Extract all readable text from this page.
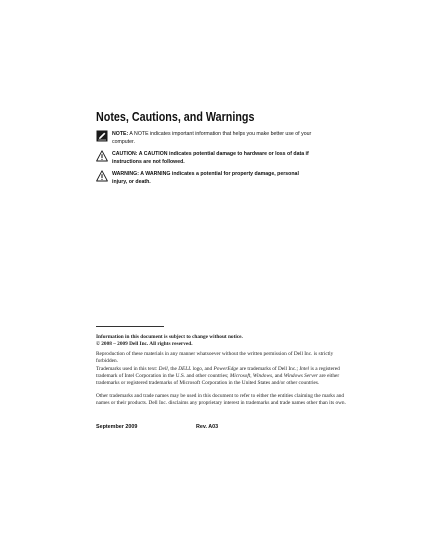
Notes, Cautions, and Warnings
NOTE: A NOTE indicates important information that helps you make better use of your computer.
CAUTION: A CAUTION indicates potential damage to hardware or loss of data if instructions are not followed.
WARNING: A WARNING indicates a potential for property damage, personal injury, or death.
Information in this document is subject to change without notice.
© 2008 – 2009 Dell Inc. All rights reserved.
Reproduction of these materials in any manner whatsoever without the written permission of Dell Inc. is strictly forbidden.
Trademarks used in this text: Dell, the DELL logo, and PowerEdge are trademarks of Dell Inc.; Intel is a registered trademark of Intel Corporation in the U.S. and other countries; Microsoft, Windows, and Windows Server are either trademarks or registered trademarks of Microsoft Corporation in the United States and/or other countries.
Other trademarks and trade names may be used in this document to refer to either the entities claiming the marks and names or their products. Dell Inc. disclaims any proprietary interest in trademarks and trade names other than its own.
September 2009	Rev. A03
